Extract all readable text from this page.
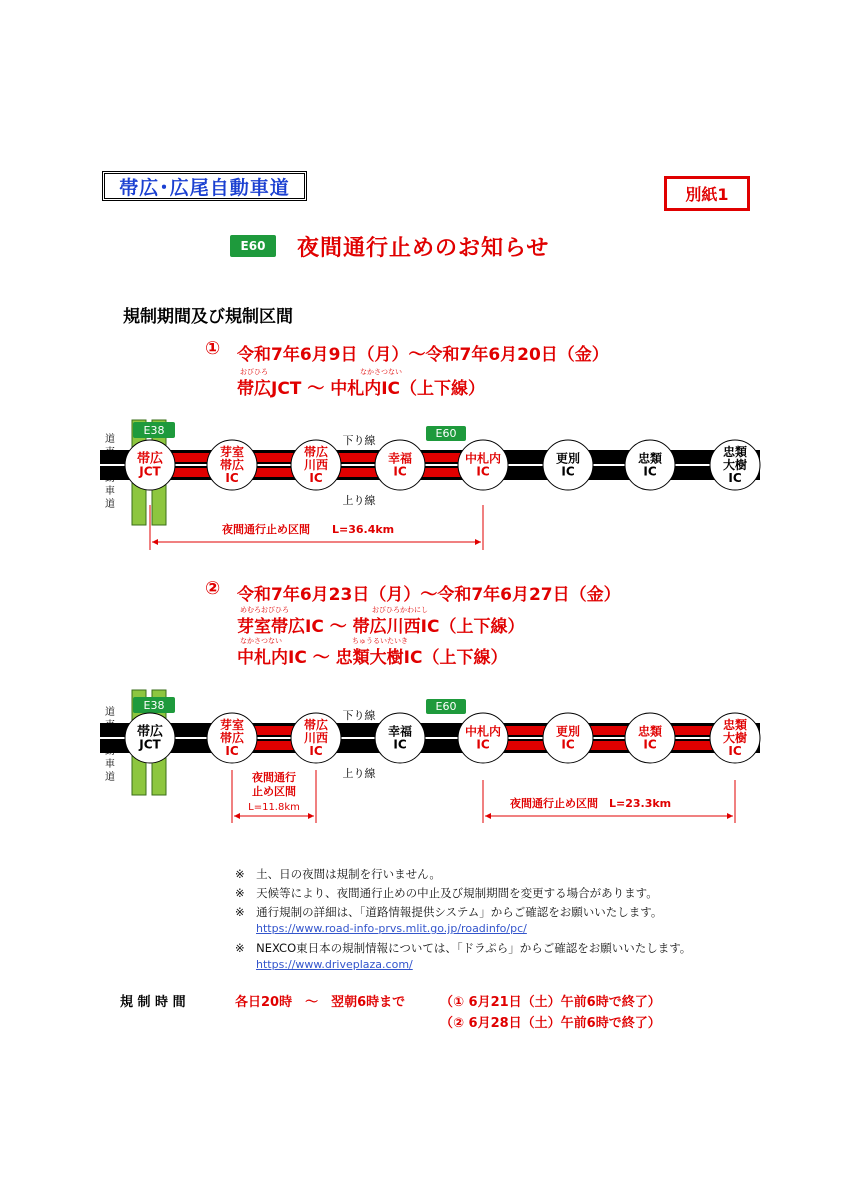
帯広･広尾自動車道	別紙1
E60	夜間通行止めのお知らせ
規制期間及び規制区間
① 令和7年6月9日（月）～令和7年6月20日（金）
おびひろ	なかさつない
帯広JCT ～ 中札内IC（上下線）
道
車
道
E38	E60
下り線
上り線
帯広
JCT
芽室
帯広
IC
帯広
川西
IC
幸福
IC
中札内
IC
更別
IC
忠類
IC
忠類
大樹
IC
夜間通行止め区間　　L=36.4km
② 令和7年6月23日（月）～令和7年6月27日（金）
めむろおびひろ	おびひろかわにし
芽室帯広IC ～ 帯広川西IC（上下線）
なかさつない	ちゅうるいたいき
中札内IC ～ 忠類大樹IC（上下線）
道
車
道
E38	E60
下り線
上り線
帯広
JCT
芽室
帯広
IC
帯広
川西
IC
幸福
IC
中札内
IC
更別
IC
忠類
IC
忠類
大樹
IC
夜間通行
止め区間
L=11.8km	夜間通行止め区間　L=23.3km
※　 土、日の夜間は規制を行いません。
※　 天候等により、夜間通行止めの中止及び規制期間を変更する場合があります。
※　 通行規制の詳細は、「道路情報提供システム」からご確認をお願いいたします。
https://www.road-info-prvs.mlit.go.jp/roadinfo/pc/
※　 NEXCO東日本の規制情報については、「ドラぷら」からご確認をお願いいたします。
https://www.driveplaza.com/
規 制 時 間	各日20時　～　翌朝6時まで	（① 6月21日（土）午前6時で終了）
（② 6月28日（土）午前6時で終了）
